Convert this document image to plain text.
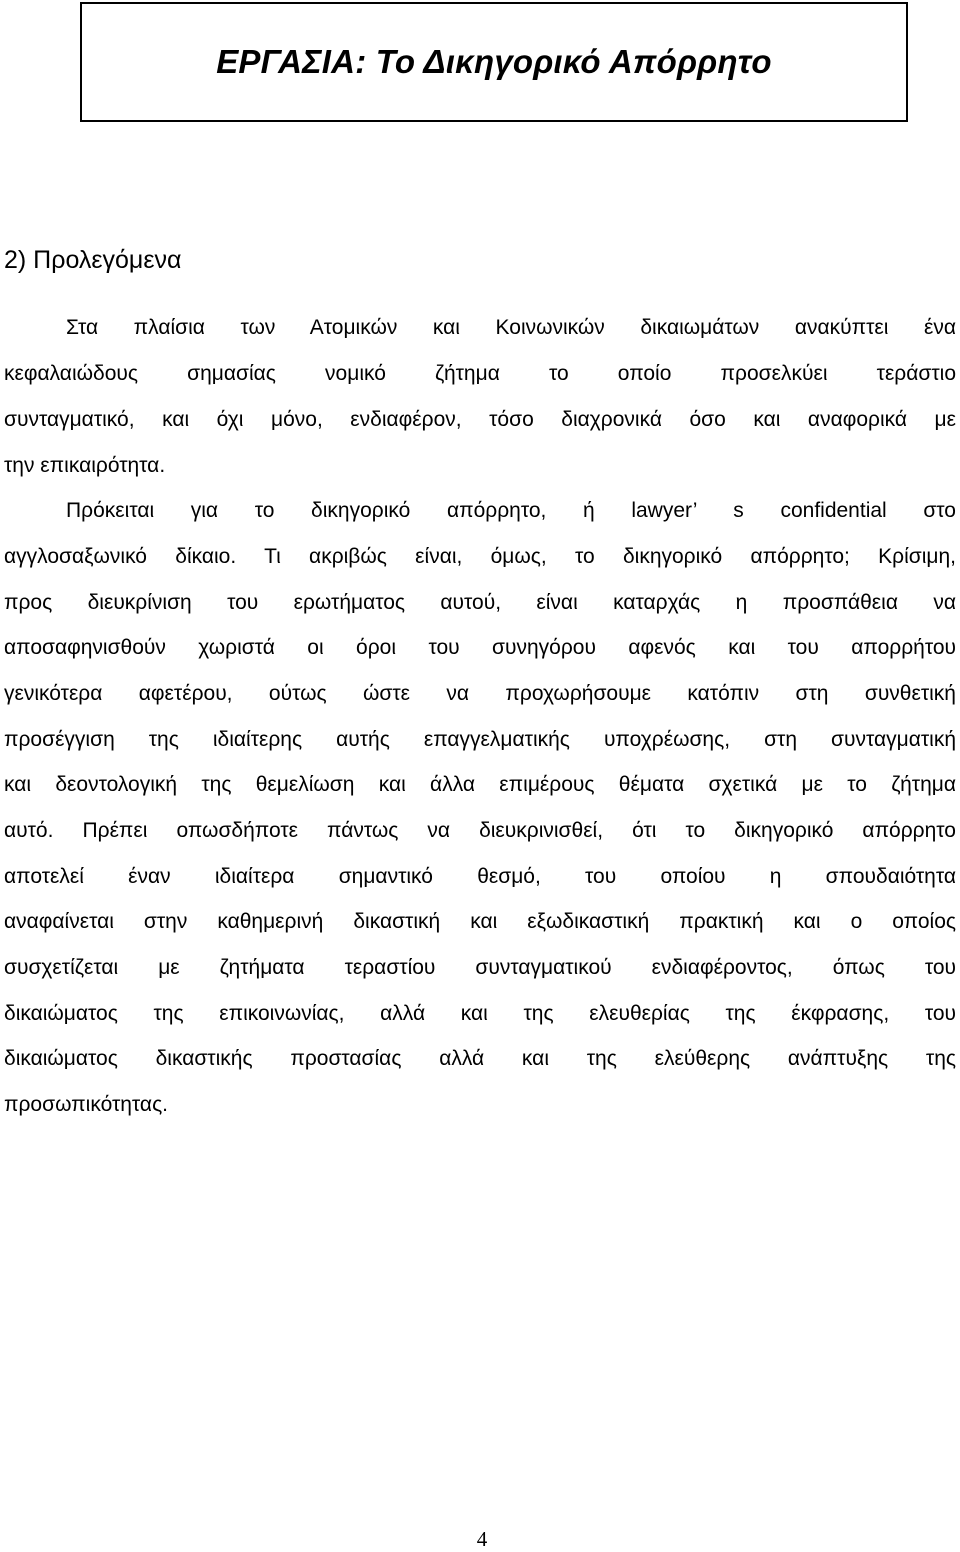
ΕΡΓΑΣΙΑ: Το Δικηγορικό Απόρρητο
2) Προλεγόμενα
Στα πλαίσια των Ατομικών και Κοινωνικών δικαιωμάτων ανακύπτει ένα
κεφαλαιώδους σημασίας νομικό ζήτημα το οποίο προσελκύει τεράστιο
συνταγματικό, και όχι μόνο, ενδιαφέρον, τόσο διαχρονικά όσο και αναφορικά με
την επικαιρότητα.
Πρόκειται για το δικηγορικό απόρρητο, ή lawyer’ s confidential στο
αγγλοσαξωνικό δίκαιο. Τι ακριβώς είναι, όμως, το δικηγορικό απόρρητο; Κρίσιμη,
προς διευκρίνιση του ερωτήματος αυτού, είναι καταρχάς η προσπάθεια να
αποσαφηνισθούν χωριστά οι όροι του συνηγόρου αφενός και του απορρήτου
γενικότερα αφετέρου, ούτως ώστε να προχωρήσουμε κατόπιν στη συνθετική
προσέγγιση της ιδιαίτερης αυτής επαγγελματικής υποχρέωσης, στη συνταγματική
και δεοντολογική της θεμελίωση και άλλα επιμέρους θέματα σχετικά με το ζήτημα
αυτό. Πρέπει οπωσδήποτε πάντως να διευκρινισθεί, ότι το δικηγορικό απόρρητο
αποτελεί έναν ιδιαίτερα σημαντικό θεσμό, του οποίου η σπουδαιότητα
αναφαίνεται στην καθημερινή δικαστική και εξωδικαστική πρακτική και ο οποίος
συσχετίζεται με ζητήματα τεραστίου συνταγματικού ενδιαφέροντος, όπως του
δικαιώματος της επικοινωνίας, αλλά και της ελευθερίας της έκφρασης, του
δικαιώματος δικαστικής προστασίας αλλά και της ελεύθερης ανάπτυξης της
προσωπικότητας.
4
